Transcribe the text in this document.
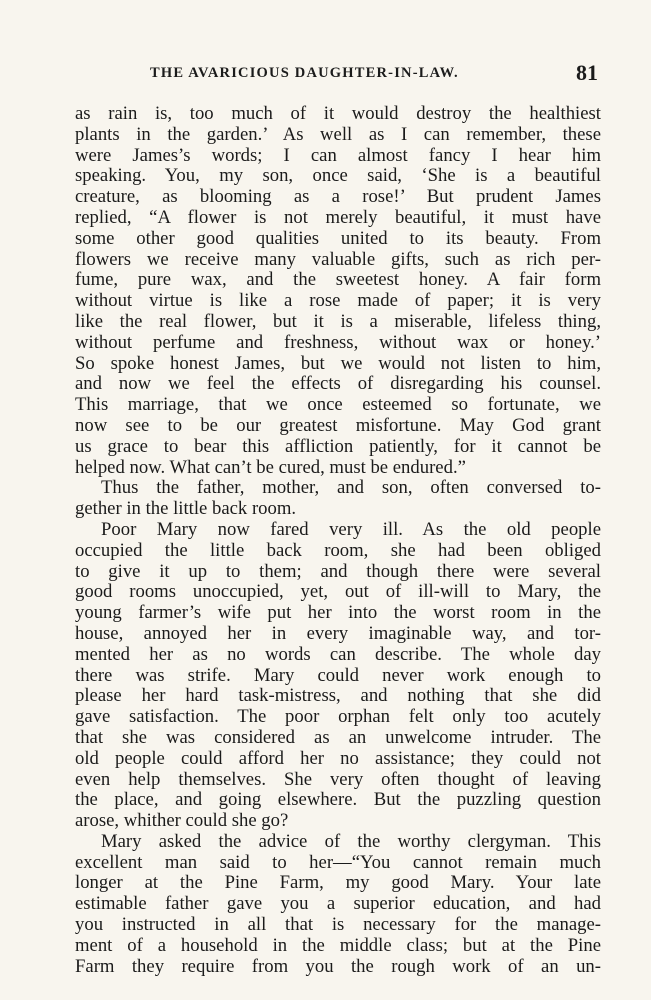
THE AVARICIOUS DAUGHTER-IN-LAW.	81
as rain is, too much of it would destroy the healthiest
plants in the garden.’ As well as I can remember, these
were James’s words; I can almost fancy I hear him
speaking. You, my son, once said, ‘She is a beautiful
creature, as blooming as a rose!’ But prudent James
replied, “A flower is not merely beautiful, it must have
some other good qualities united to its beauty. From
flowers we receive many valuable gifts, such as rich per-
fume, pure wax, and the sweetest honey. A fair form
without virtue is like a rose made of paper; it is very
like the real flower, but it is a miserable, lifeless thing,
without perfume and freshness, without wax or honey.’
So spoke honest James, but we would not listen to him,
and now we feel the effects of disregarding his counsel.
This marriage, that we once esteemed so fortunate, we
now see to be our greatest misfortune. May God grant
us grace to bear this affliction patiently, for it cannot be
helped now. What can’t be cured, must be endured.”
Thus the father, mother, and son, often conversed to-
gether in the little back room.
Poor Mary now fared very ill. As the old people
occupied the little back room, she had been obliged
to give it up to them; and though there were several
good rooms unoccupied, yet, out of ill-will to Mary, the
young farmer’s wife put her into the worst room in the
house, annoyed her in every imaginable way, and tor-
mented her as no words can describe. The whole day
there was strife. Mary could never work enough to
please her hard task-mistress, and nothing that she did
gave satisfaction. The poor orphan felt only too acutely
that she was considered as an unwelcome intruder. The
old people could afford her no assistance; they could not
even help themselves. She very often thought of leaving
the place, and going elsewhere. But the puzzling question
arose, whither could she go?
Mary asked the advice of the worthy clergyman. This
excellent man said to her—“You cannot remain much
longer at the Pine Farm, my good Mary. Your late
estimable father gave you a superior education, and had
you instructed in all that is necessary for the manage-
ment of a household in the middle class; but at the Pine
Farm they require from you the rough work of an un-
